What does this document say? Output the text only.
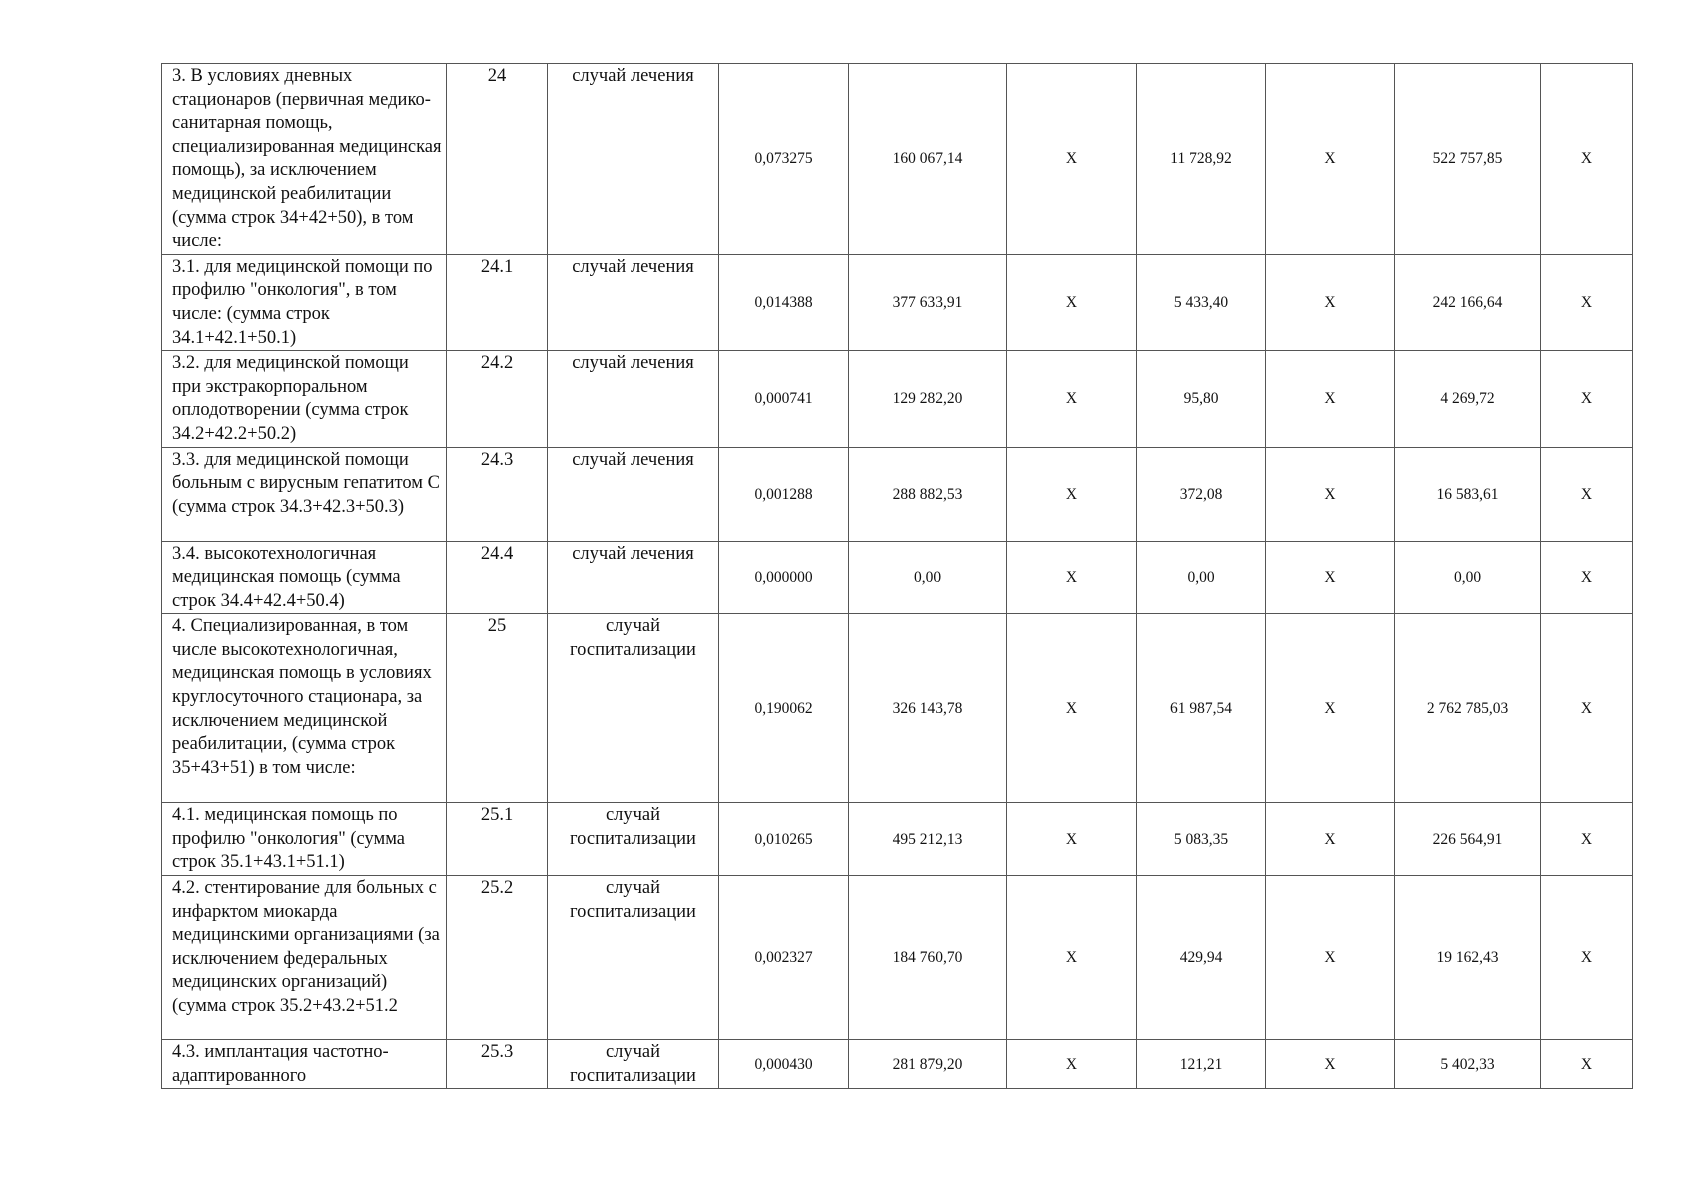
3. В условиях дневных стационаров (первичная медико-санитарная помощь, специализированная медицинская помощь), за исключением медицинской реабилитации (сумма строк 34+42+50), в том числе:	24	случай лечения	0,073275	160 067,14	X	11 728,92	X	522 757,85	X
3.1. для медицинской помощи по профилю "онкология", в том числе: (сумма строк 34.1+42.1+50.1)	24.1	случай лечения	0,014388	377 633,91	X	5 433,40	X	242 166,64	X
3.2. для медицинской помощи при экстракорпоральном оплодотворении (сумма строк 34.2+42.2+50.2)	24.2	случай лечения	0,000741	129 282,20	X	95,80	X	4 269,72	X
3.3. для медицинской помощи больным с вирусным гепатитом С (сумма строк 34.3+42.3+50.3)	24.3	случай лечения	0,001288	288 882,53	X	372,08	X	16 583,61	X
3.4. высокотехнологичная медицинская помощь (сумма строк 34.4+42.4+50.4)	24.4	случай лечения	0,000000	0,00	X	0,00	X	0,00	X
4. Специализированная, в том числе высокотехнологичная, медицинская помощь в условиях круглосуточного стационара, за исключением медицинской реабилитации, (сумма строк 35+43+51) в том числе:	25	случай госпитализации	0,190062	326 143,78	X	61 987,54	X	2 762 785,03	X
4.1. медицинская помощь по профилю "онкология" (сумма строк 35.1+43.1+51.1)	25.1	случай госпитализации	0,010265	495 212,13	X	5 083,35	X	226 564,91	X
4.2. стентирование для больных с инфарктом миокарда медицинскими организациями (за исключением федеральных медицинских организаций) (сумма строк 35.2+43.2+51.2	25.2	случай госпитализации	0,002327	184 760,70	X	429,94	X	19 162,43	X
4.3. имплантация частотно-адаптированного	25.3	случай госпитализации	0,000430	281 879,20	X	121,21	X	5 402,33	X
